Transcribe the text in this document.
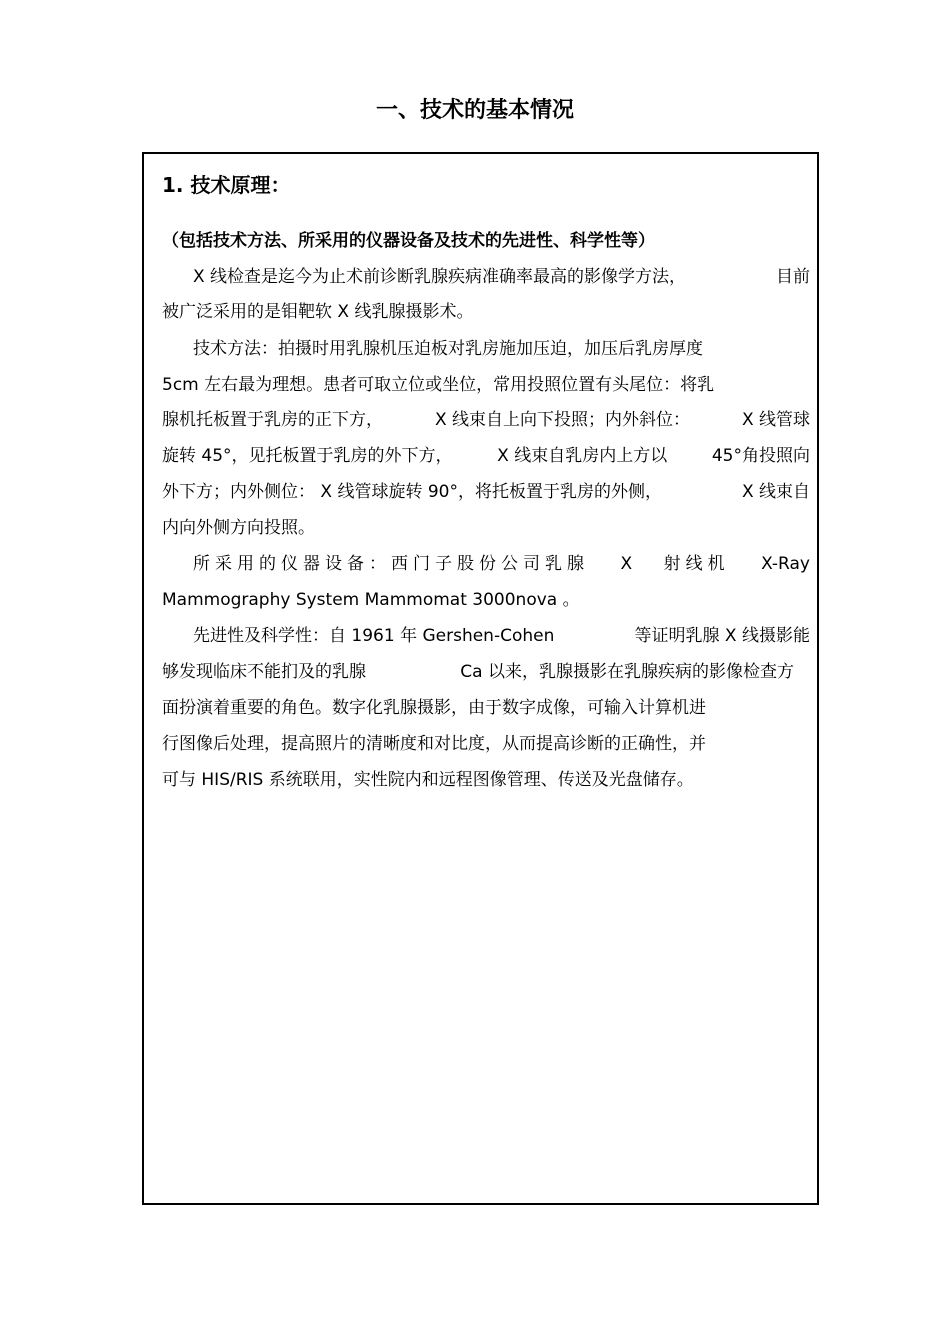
一、技术的基本情况
1. 技术原理：
（包括技术方法、所采用的仪器设备及技术的先进性、科学性等）
X 线检查是迄今为止术前诊断乳腺疾病准确率最高的影像学方法，	目前
被广泛采用的是钼靶软 X 线乳腺摄影术。
技术方法：拍摄时用乳腺机压迫板对乳房施加压迫，加压后乳房厚度
5cm 左右最为理想。患者可取立位或坐位，常用投照位置有头尾位：将乳
腺机托板置于乳房的正下方，	X 线束自上向下投照；内外斜位：	X 线管球
旋转 45°，见托板置于乳房的外下方，	X 线束自乳房内上方以	45°角投照向
外下方；内外侧位： X 线管球旋转 90°，将托板置于乳房的外侧，	X 线束自
内向外侧方向投照。
所采用的仪器设备：西门子股份公司乳腺 X 射线机 X-Ray
Mammography System Mammomat 3000nova 。
先进性及科学性：自 1961 年 Gershen-Cohen	等证明乳腺 X 线摄影能
够发现临床不能扪及的乳腺	Ca 以来，乳腺摄影在乳腺疾病的影像检查方
面扮演着重要的角色。数字化乳腺摄影，由于数字成像，可输入计算机进
行图像后处理，提高照片的清晰度和对比度，从而提高诊断的正确性，并
可与 HIS/RIS 系统联用，实性院内和远程图像管理、传送及光盘储存。
